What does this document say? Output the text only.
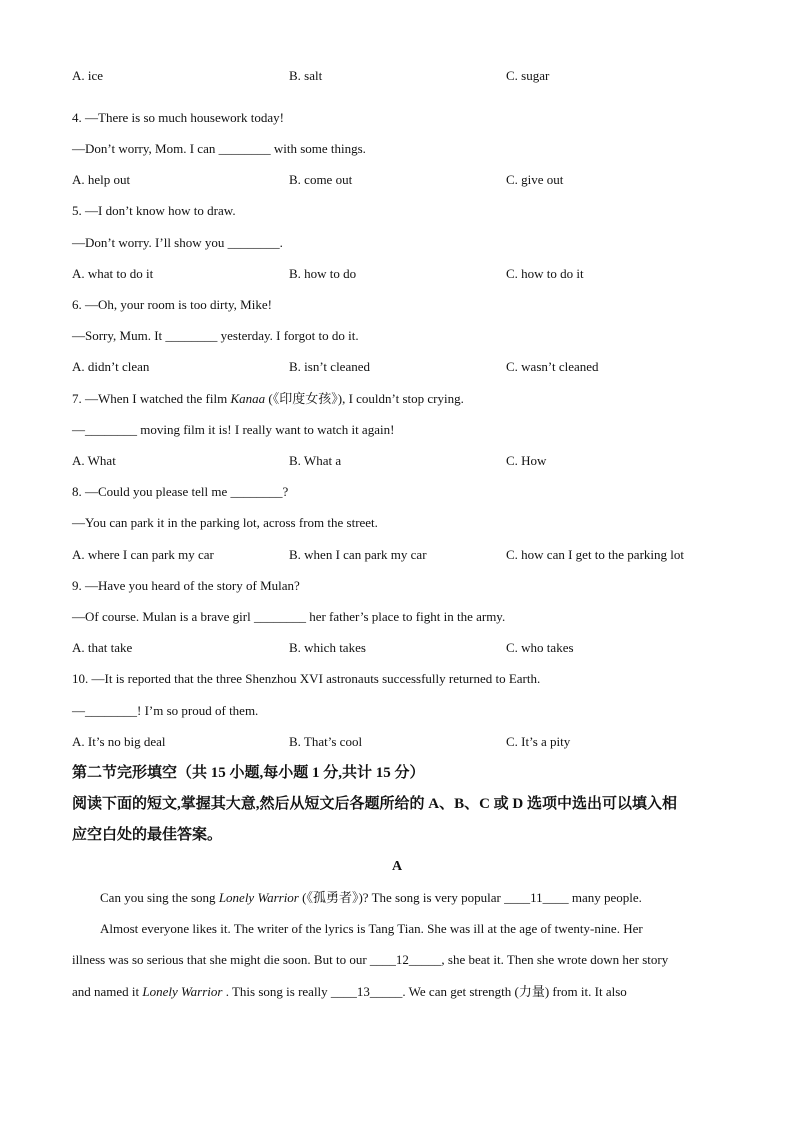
A. ice	B. salt	C. sugar
4. —There is so much housework today!
—Don’t worry, Mom. I can ________ with some things.
A. help out	B. come out	C. give out
5. —I don’t know how to draw.
—Don’t worry. I’ll show you ________.
A. what to do it	B. how to do	C. how to do it
6. —Oh, your room is too dirty, Mike!
—Sorry, Mum. It ________ yesterday. I forgot to do it.
A. didn’t clean	B. isn’t cleaned	C. wasn’t cleaned
7. —When I watched the film Kanaa (《印度女孩》), I couldn’t stop crying.
—________ moving film it is! I really want to watch it again!
A. What	B. What a	C. How
8. —Could you please tell me ________?
—You can park it in the parking lot, across from the street.
A. where I can park my car	B. when I can park my car	C. how can I get to the parking lot
9. —Have you heard of the story of Mulan?
—Of course. Mulan is a brave girl ________ her father’s place to fight in the army.
A. that take	B. which takes	C. who takes
10. —It is reported that the three Shenzhou XVI astronauts successfully returned to Earth.
—________! I’m so proud of them.
A. It’s no big deal	B. That’s cool	C. It’s a pity
第二节完形填空（共 15 小题,每小题 1 分,共计 15 分）
阅读下面的短文,掌握其大意,然后从短文后各题所给的 A、B、C 或 D 选项中选出可以填入相
应空白处的最佳答案。
A
Can you sing the song Lonely Warrior (《孤勇者》)? The song is very popular ____11____ many people.
Almost everyone likes it. The writer of the lyrics is Tang Tian. She was ill at the age of twenty-nine. Her
illness was so serious that she might die soon. But to our ____12_____, she beat it. Then she wrote down her story
and named it Lonely Warrior . This song is really ____13_____. We can get strength (力量) from it. It also
